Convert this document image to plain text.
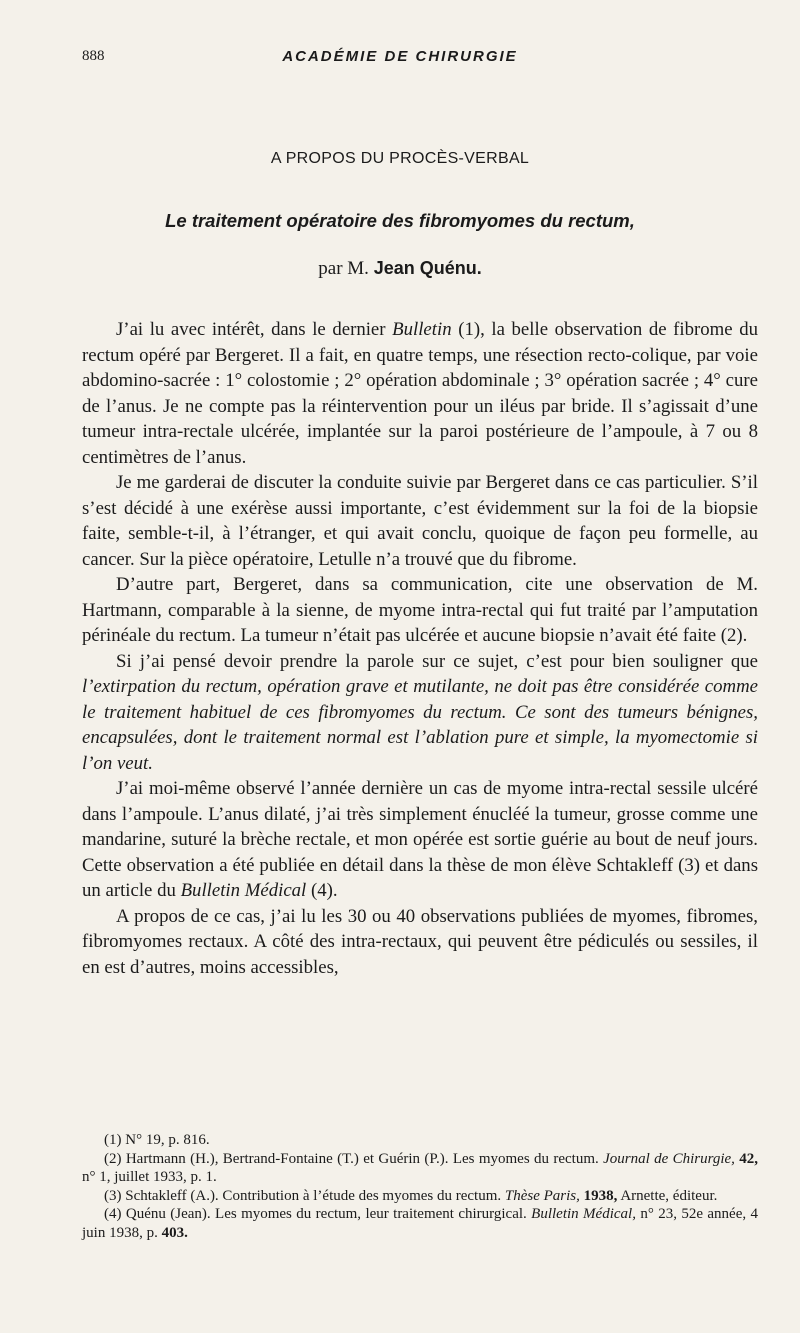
888	ACADÉMIE DE CHIRURGIE
A PROPOS DU PROCÈS-VERBAL
Le traitement opératoire des fibromyomes du rectum,
par M. Jean Quénu.

J’ai lu avec intérêt, dans le dernier Bulletin (1), la belle observation de fibrome du rectum opéré par Bergeret. Il a fait, en quatre temps, une résection recto-colique, par voie abdomino-sacrée : 1° colostomie ; 2° opération abdominale ; 3° opération sacrée ; 4° cure de l’anus. Je ne compte pas la réintervention pour un iléus par bride. Il s’agissait d’une tumeur intra-rectale ulcérée, implantée sur la paroi postérieure de l’ampoule, à 7 ou 8 centimètres de l’anus.

Je me garderai de discuter la conduite suivie par Bergeret dans ce cas particulier. S’il s’est décidé à une exérèse aussi importante, c’est évidemment sur la foi de la biopsie faite, semble-t-il, à l’étranger, et qui avait conclu, quoique de façon peu formelle, au cancer. Sur la pièce opératoire, Letulle n’a trouvé que du fibrome.

D’autre part, Bergeret, dans sa communication, cite une observation de M. Hartmann, comparable à la sienne, de myome intra-rectal qui fut traité par l’amputation périnéale du rectum. La tumeur n’était pas ulcérée et aucune biopsie n’avait été faite (2).

Si j’ai pensé devoir prendre la parole sur ce sujet, c’est pour bien souligner que l’extirpation du rectum, opération grave et mutilante, ne doit pas être considérée comme le traitement habituel de ces fibromyomes du rectum. Ce sont des tumeurs bénignes, encapsulées, dont le traitement normal est l’ablation pure et simple, la myomectomie si l’on veut.

J’ai moi-même observé l’année dernière un cas de myome intra-rectal sessile ulcéré dans l’ampoule. L’anus dilaté, j’ai très simplement énucléé la tumeur, grosse comme une mandarine, suturé la brèche rectale, et mon opérée est sortie guérie au bout de neuf jours. Cette observation a été publiée en détail dans la thèse de mon élève Schtakleff (3) et dans un article du Bulletin Médical (4).

A propos de ce cas, j’ai lu les 30 ou 40 observations publiées de myomes, fibromes, fibromyomes rectaux. A côté des intra-rectaux, qui peuvent être pédiculés ou sessiles, il en est d’autres, moins accessibles,

(1) N° 19, p. 816.

(2) Hartmann (H.), Bertrand-Fontaine (T.) et Guérin (P.). Les myomes du rectum. Journal de Chirurgie, 42, n° 1, juillet 1933, p. 1.

(3) Schtakleff (A.). Contribution à l’étude des myomes du rectum. Thèse Paris, 1938, Arnette, éditeur.

(4) Quénu (Jean). Les myomes du rectum, leur traitement chirurgical. Bulletin Médical, n° 23, 52e année, 4 juin 1938, p. 403.
